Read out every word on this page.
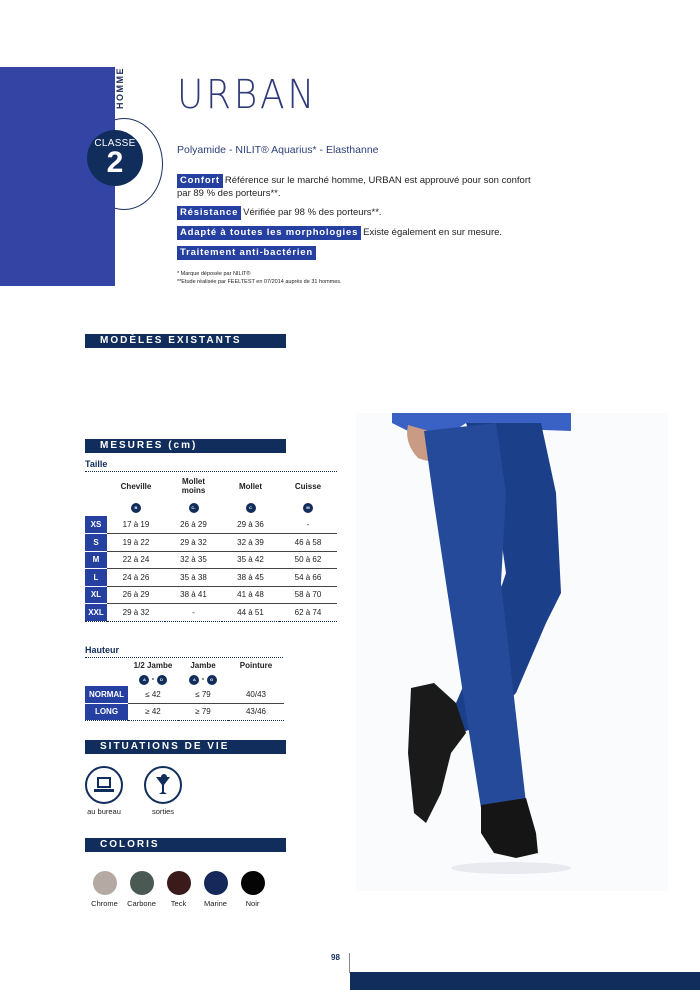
HOMME
CLASSE
2
URBAN
Polyamide - NILIT® Aquarius* - Elasthanne
Confort Référence sur le marché homme, URBAN est approuvé pour son confort par 89 % des porteurs**.
Résistance Vérifiée par 98 % des porteurs**.
Adapté à toutes les morphologies Existe également en sur mesure.
Traitement anti-bactérien
* Marque déposée par NILIT®
**Etude réalisée par FEELTEST en 07/2014 auprès de 31 hommes.
MODÈLES EXISTANTS
MESURES (cm)
Taille
	Cheville	Mollet moins	Mollet	Cuisse
	B	C-	C	M
XS	17 à 19	26 à 29	29 à 36	-
S	19 à 22	29 à 32	32 à 39	46 à 58
M	22 à 24	32 à 35	35 à 42	50 à 62
L	24 à 26	35 à 38	38 à 45	54 à 66
XL	26 à 29	38 à 41	41 à 48	58 à 70
XXL	29 à 32	-	44 à 51	62 à 74
Hauteur
	1/2 Jambe	Jambe	Pointure
	A - D	A - G	
NORMAL	≤ 42	≤ 79	40/43
LONG	≥ 42	≥ 79	43/46
SITUATIONS DE VIE
au bureau	sorties
COLORIS
Chrome	Carbone	Teck	Marine	Noir
98
